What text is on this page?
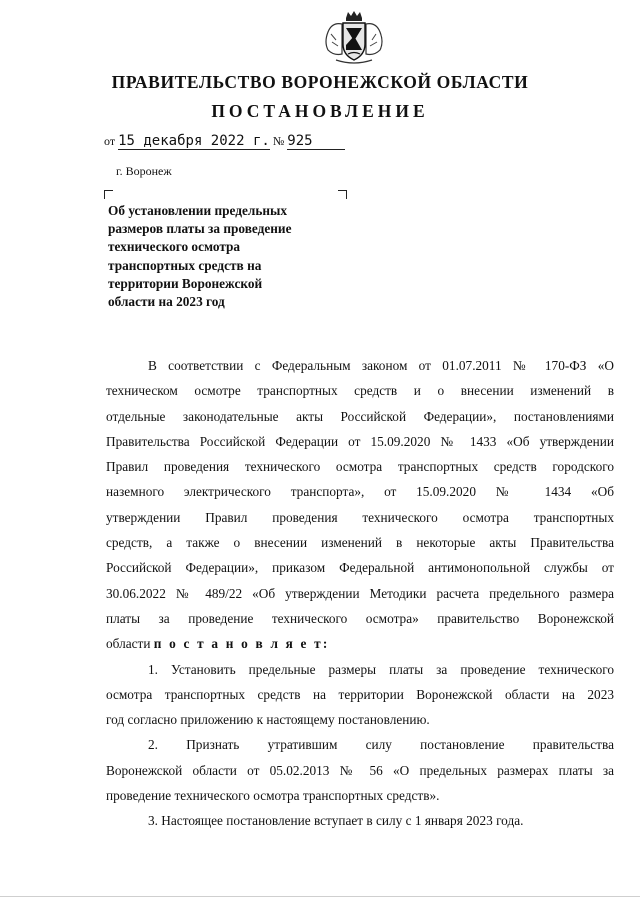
ПРАВИТЕЛЬСТВО ВОРОНЕЖСКОЙ ОБЛАСТИ
ПОСТАНОВЛЕНИЕ
от 15 декабря 2022 г. № 925
г. Воронеж
Об установлении предельных
размеров платы за проведение
технического осмотра
транспортных средств на
территории Воронежской
области на 2023 год
В соответствии с Федеральным законом от 01.07.2011 № 170-ФЗ «О
техническом осмотре транспортных средств и о внесении изменений в
отдельные законодательные акты Российской Федерации», постановлениями
Правительства Российской Федерации от 15.09.2020 № 1433 «Об утверждении
Правил проведения технического осмотра транспортных средств городского
наземного электрического транспорта», от 15.09.2020 № 1434 «Об
утверждении Правил проведения технического осмотра транспортных
средств, а также о внесении изменений в некоторые акты Правительства
Российской Федерации», приказом Федеральной антимонопольной службы от
30.06.2022 № 489/22 «Об утверждении Методики расчета предельного размера
платы за проведение технического осмотра» правительство Воронежской
области п о с т а н о в л я е т:
1. Установить предельные размеры платы за проведение технического
осмотра транспортных средств на территории Воронежской области на 2023
год согласно приложению к настоящему постановлению.
2. Признать утратившим силу постановление правительства
Воронежской области от 05.02.2013 № 56 «О предельных размерах платы за
проведение технического осмотра транспортных средств».
3. Настоящее постановление вступает в силу с 1 января 2023 года.
